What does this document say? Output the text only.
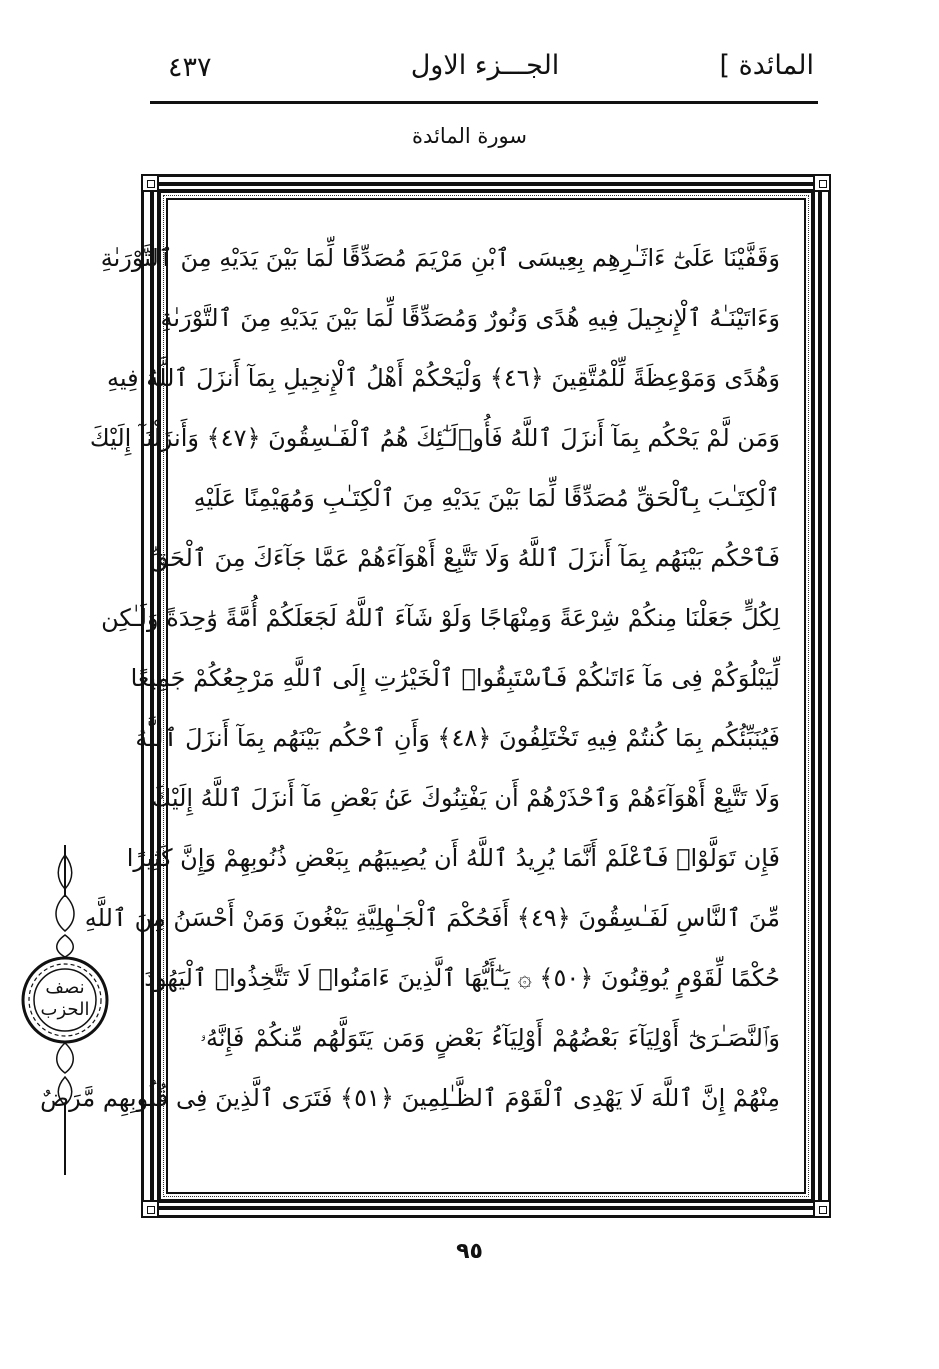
المائدة ]
الجـــزء الاول
٤٣٧
سورة المائدة
وَقَفَّيْنَا عَلَىٰٓ ءَاثَـٰرِهِم بِعِيسَى ٱبْنِ مَرْيَمَ مُصَدِّقًا لِّمَا بَيْنَ يَدَيْهِ مِنَ ٱلتَّوْرَىٰةِ
وَءَاتَيْنَـٰهُ ٱلْإِنجِيلَ فِيهِ هُدًى وَنُورٌ وَمُصَدِّقًا لِّمَا بَيْنَ يَدَيْهِ مِنَ ٱلتَّوْرَىٰةِ
وَهُدًى وَمَوْعِظَةً لِّلْمُتَّقِينَ ﴿٤٦﴾ وَلْيَحْكُمْ أَهْلُ ٱلْإِنجِيلِ بِمَآ أَنزَلَ ٱللَّهُ فِيهِ
وَمَن لَّمْ يَحْكُم بِمَآ أَنزَلَ ٱللَّهُ فَأُو۟لَـٰٓئِكَ هُمُ ٱلْفَـٰسِقُونَ ﴿٤٧﴾ وَأَنزَلْنَآ إِلَيْكَ
ٱلْكِتَـٰبَ بِٱلْحَقِّ مُصَدِّقًا لِّمَا بَيْنَ يَدَيْهِ مِنَ ٱلْكِتَـٰبِ وَمُهَيْمِنًا عَلَيْهِ
فَٱحْكُم بَيْنَهُم بِمَآ أَنزَلَ ٱللَّهُ وَلَا تَتَّبِعْ أَهْوَآءَهُمْ عَمَّا جَآءَكَ مِنَ ٱلْحَقِّ
لِكُلٍّ جَعَلْنَا مِنكُمْ شِرْعَةً وَمِنْهَاجًا وَلَوْ شَآءَ ٱللَّهُ لَجَعَلَكُمْ أُمَّةً وَٰحِدَةً وَلَـٰكِن
لِّيَبْلُوَكُمْ فِى مَآ ءَاتَىٰكُمْ فَٱسْتَبِقُوا۟ ٱلْخَيْرَٰتِ إِلَى ٱللَّهِ مَرْجِعُكُمْ جَمِيعًا
فَيُنَبِّئُكُم بِمَا كُنتُمْ فِيهِ تَخْتَلِفُونَ ﴿٤٨﴾ وَأَنِ ٱحْكُم بَيْنَهُم بِمَآ أَنزَلَ ٱللَّهُ
وَلَا تَتَّبِعْ أَهْوَآءَهُمْ وَٱحْذَرْهُمْ أَن يَفْتِنُوكَ عَنۢ بَعْضِ مَآ أَنزَلَ ٱللَّهُ إِلَيْكَ
فَإِن تَوَلَّوْا۟ فَٱعْلَمْ أَنَّمَا يُرِيدُ ٱللَّهُ أَن يُصِيبَهُم بِبَعْضِ ذُنُوبِهِمْ وَإِنَّ كَثِيرًا
مِّنَ ٱلنَّاسِ لَفَـٰسِقُونَ ﴿٤٩﴾ أَفَحُكْمَ ٱلْجَـٰهِلِيَّةِ يَبْغُونَ وَمَنْ أَحْسَنُ مِنَ ٱللَّهِ
حُكْمًا لِّقَوْمٍ يُوقِنُونَ ﴿٥٠﴾ ۞ يَـٰٓأَيُّهَا ٱلَّذِينَ ءَامَنُوا۟ لَا تَتَّخِذُوا۟ ٱلْيَهُودَ
وَٱلنَّصَـٰرَىٰٓ أَوْلِيَآءَ بَعْضُهُمْ أَوْلِيَآءُ بَعْضٍ وَمَن يَتَوَلَّهُم مِّنكُمْ فَإِنَّهُۥ
مِنْهُمْ إِنَّ ٱللَّهَ لَا يَهْدِى ٱلْقَوْمَ ٱلظَّـٰلِمِينَ ﴿٥١﴾ فَتَرَى ٱلَّذِينَ فِى قُلُوبِهِم مَّرَضٌ
نصف
الحزب
٩٥
